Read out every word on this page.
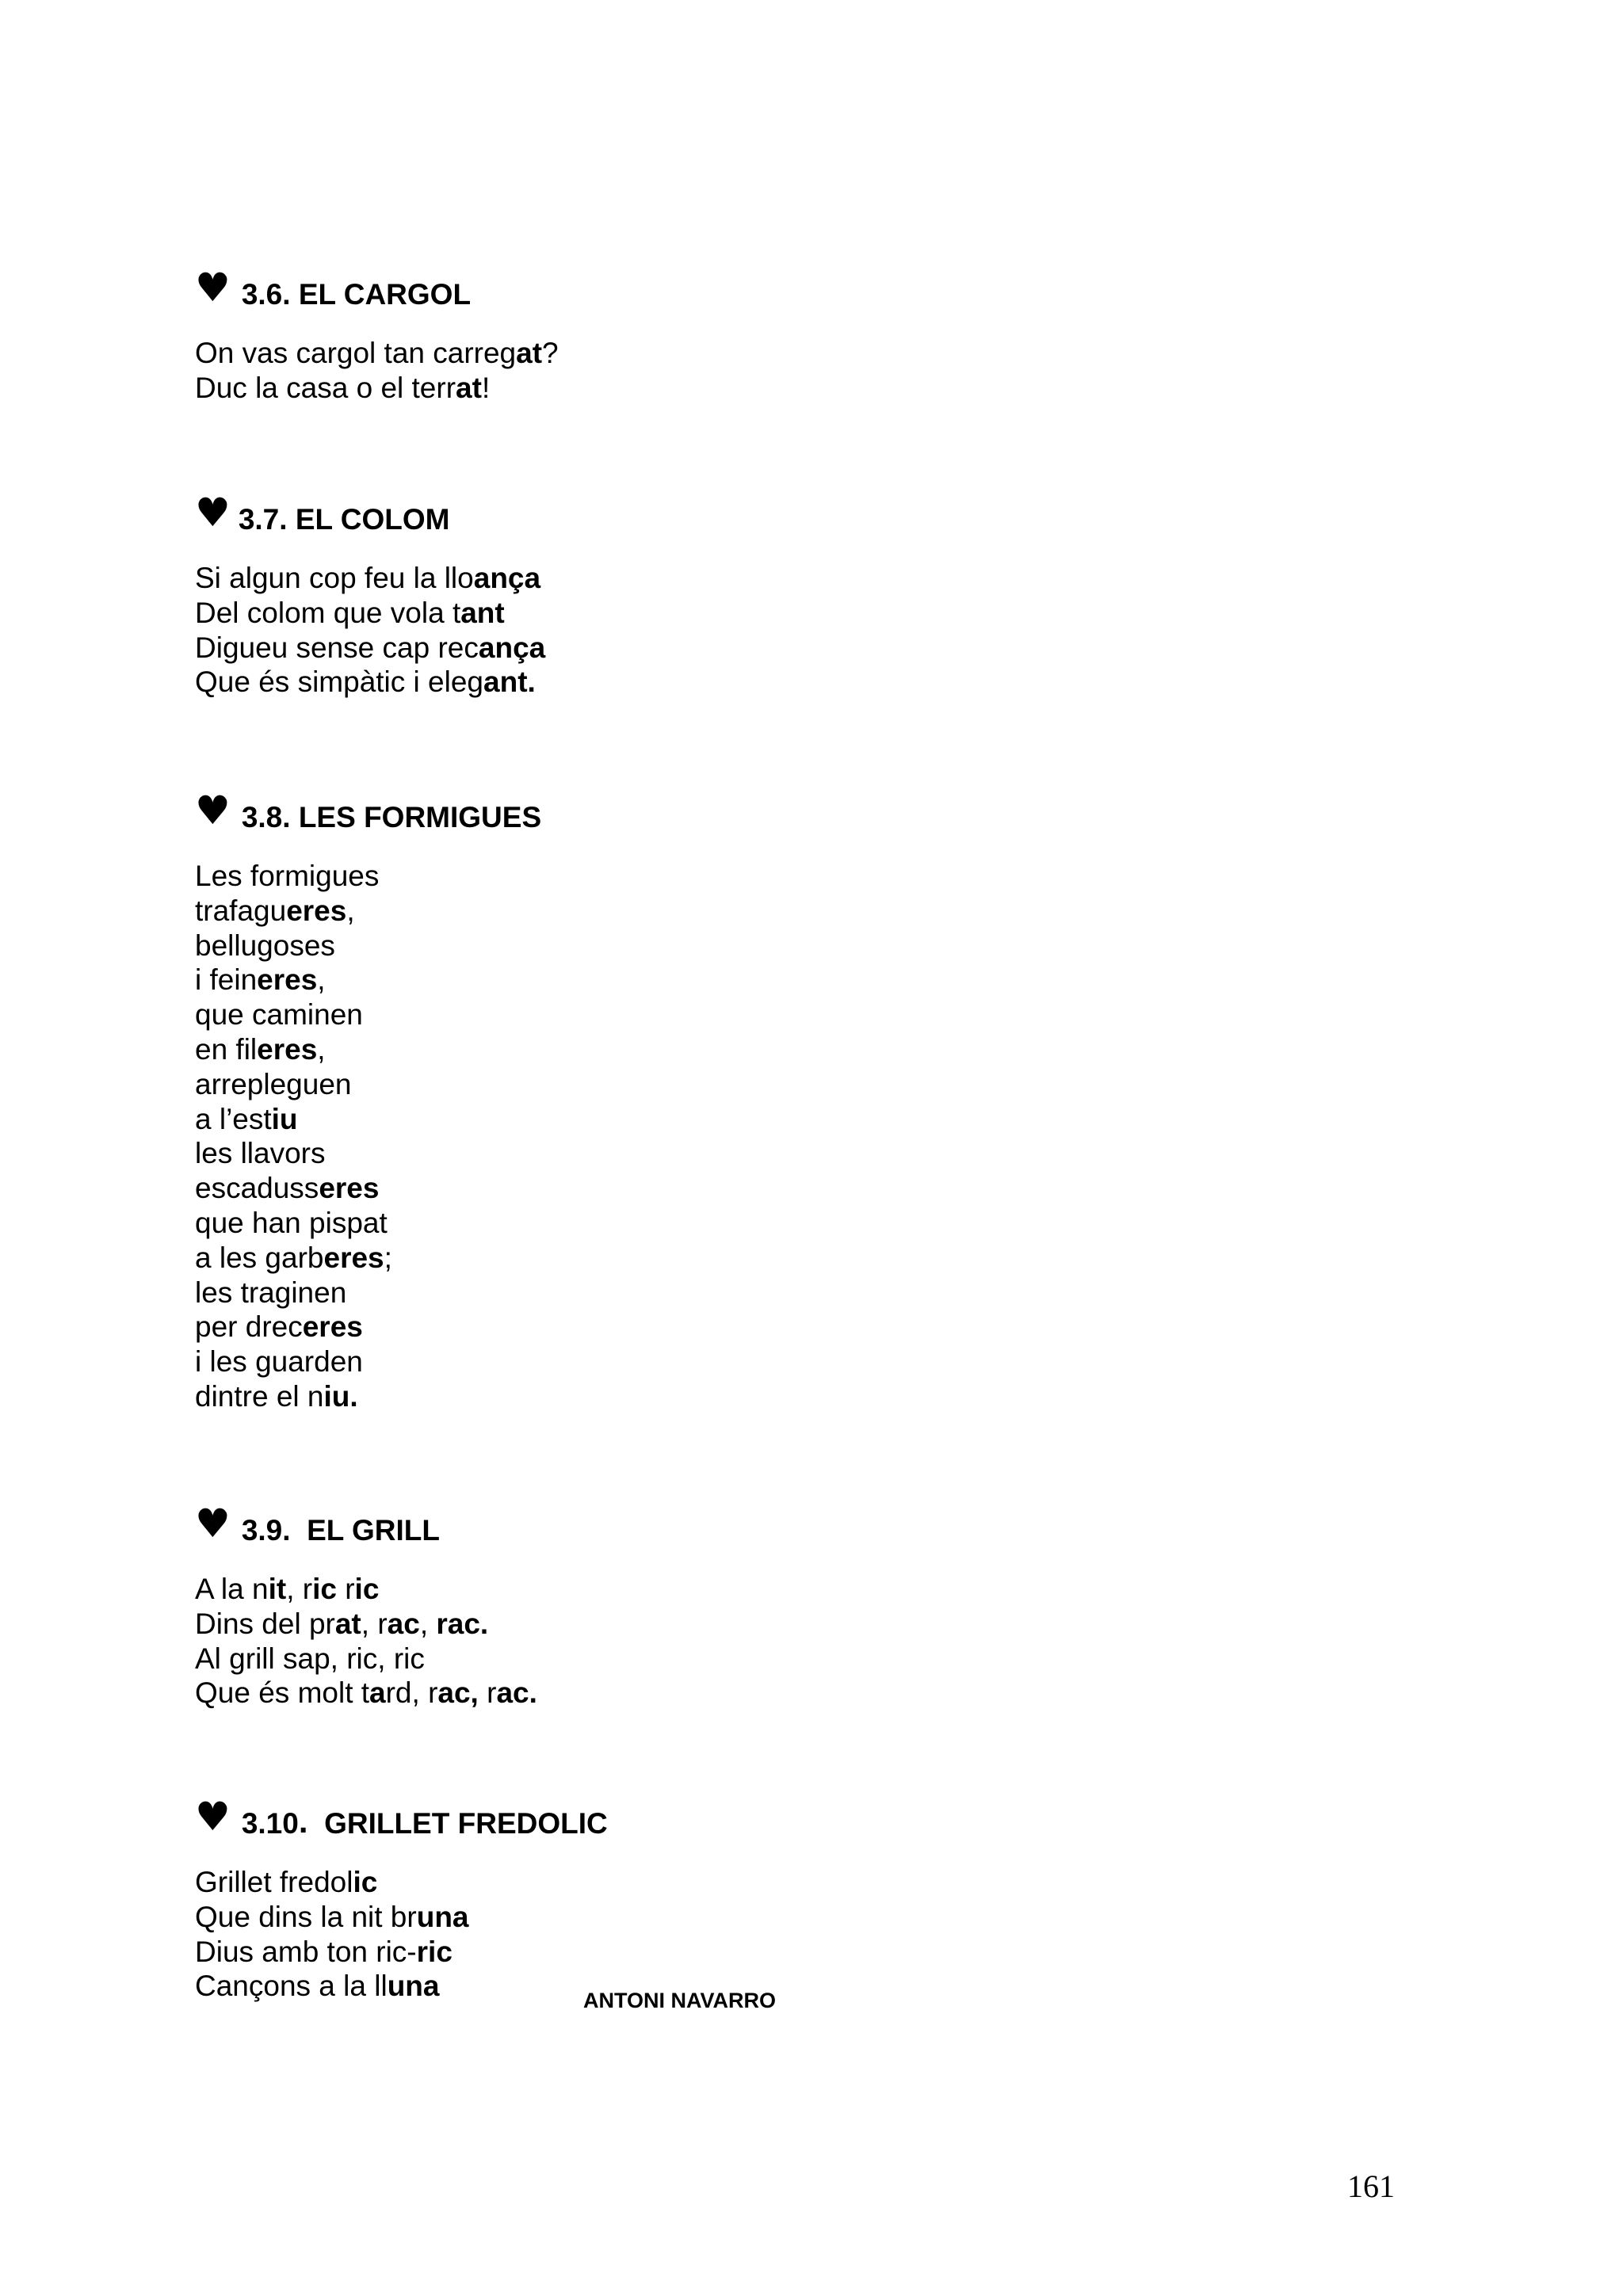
♥ 3.6.
EL CARGOL
On vas cargol tan carregat?
Duc la casa o el terrat!
♥ 3.7.
EL COLOM
Si algun cop feu la lloança
Del colom que vola tant
Digueu sense cap recança
Que és simpàtic i elegant.
♥ 3.8.
LES FORMIGUES
Les formigues
trafagueres,
bellugoses
i feineres,
que caminen
en fileres,
arrepleguen
a l’estiu
les llavors
escadusseres
que han pispat
a les garberes;
les traginen
per dreceres
i les guarden
dintre el niu.
♥ 3.9.
EL GRILL
A la nit, ric ric
Dins del prat, rac, rac.
Al grill sap, ric, ric
Que és molt tard, rac, rac.
♥ 3.10 .
GRILLET FREDOLIC
Grillet fredolic
Que dins la nit bruna
Dius amb ton ric-ric
Cançons a la lluna	ANTONI NAVARRO
161
